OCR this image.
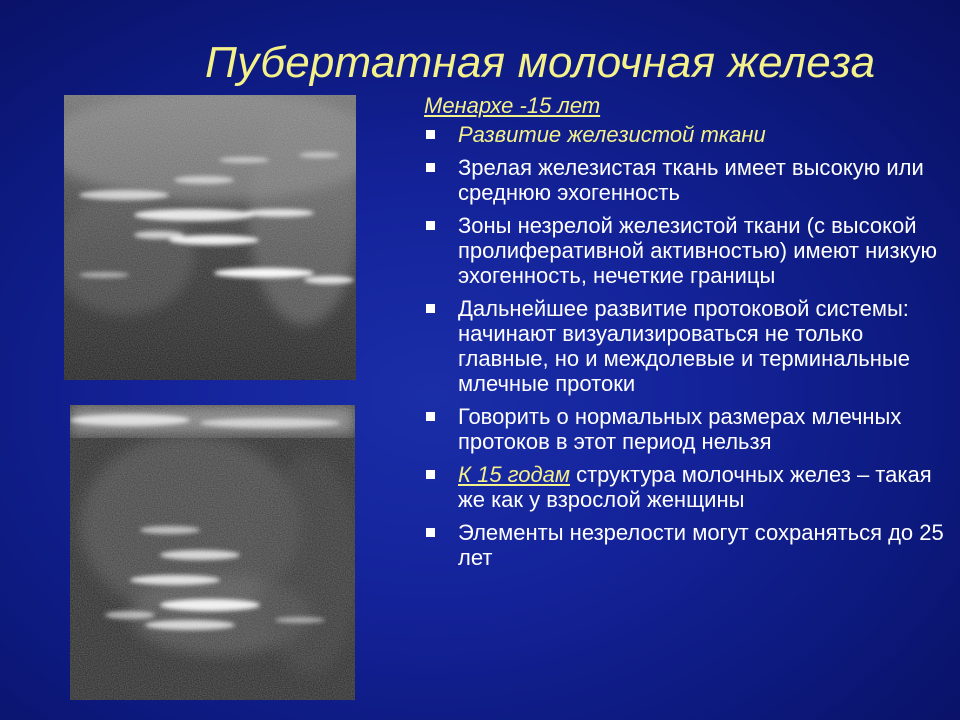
Пубертатная молочная железа

Менархе -15 лет

Развитие железистой ткани
Зрелая железистая ткань имеет высокую или среднюю эхогенность
Зоны незрелой железистой ткани (с высокой пролиферативной активностью) имеют низкую эхогенность, нечеткие границы
Дальнейшее развитие протоковой системы: начинают визуализироваться не только главные, но и междолевые и терминальные млечные протоки
Говорить о нормальных размерах млечных протоков в этот период нельзя
К 15 годам структура молочных желез – такая же как у взрослой женщины
Элементы незрелости могут сохраняться до 25 лет
